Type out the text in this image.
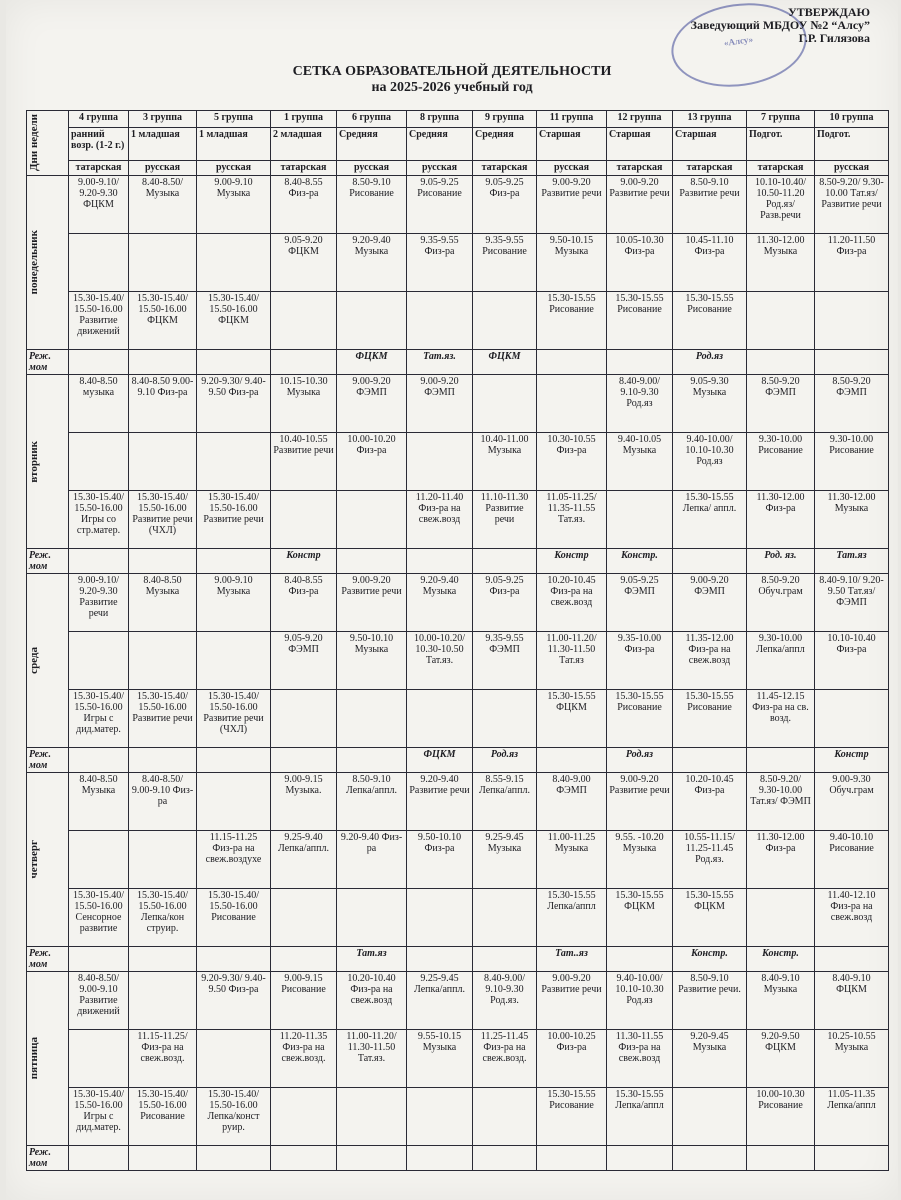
«Алсу»
УТВЕРЖДАЮ
Заведующий МБДОУ №2 “Алсу”
Г.Р. Гилязова
СЕТКА ОБРАЗОВАТЕЛЬНОЙ ДЕЯТЕЛЬНОСТИ
на 2025-2026 учебный год
Дни недели	4 группа	3 группа	5 группа	1 группа	6 группа	8 группа	9 группа	11 группа	12 группа	13 группа	7 группа	10 группа
	ранний возр. (1-2 г.)	1 младшая	1 младшая	2 младшая	Средняя	Средняя	Средняя	Старшая	Старшая	Старшая	Подгот.	Подгот.
	татарская	русская	русская	татарская	русская	русская	татарская	русская	татарская	татарская	татарская	русская

понедельник	9.00-9.10/ 9.20-9.30 ФЦКМ	8.40-8.50/ Музыка	9.00-9.10 Музыка	8.40-8.55 Физ-ра	8.50-9.10 Рисование	9.05-9.25 Рисование	9.05-9.25 Физ-ра	9.00-9.20 Развитие речи	9.00-9.20 Развитие речи	8.50-9.10 Развитие речи	10.10-10.40/ 10.50-11.20 Род.яз/ Разв.речи	8.50-9.20/ 9.30-10.00 Тат.яз/ Развитие речи
				9.05-9.20 ФЦКМ	9.20-9.40 Музыка	9.35-9.55 Физ-ра	9.35-9.55 Рисование	9.50-10.15 Музыка	10.05-10.30 Физ-ра	10.45-11.10 Физ-ра	11.30-12.00 Музыка	11.20-11.50 Физ-ра
	15.30-15.40/ 15.50-16.00 Развитие движений	15.30-15.40/ 15.50-16.00 ФЦКМ	15.30-15.40/ 15.50-16.00 ФЦКМ					15.30-15.55 Рисование	15.30-15.55 Рисование	15.30-15.55 Рисование		
Реж. мом					ФЦКМ	Тат.яз.	ФЦКМ			Род.яз		

вторник	8.40-8.50 музыка	8.40-8.50 9.00-9.10 Физ-ра	9.20-9.30/ 9.40-9.50 Физ-ра	10.15-10.30 Музыка	9.00-9.20 ФЭМП	9.00-9.20 ФЭМП			8.40-9.00/ 9.10-9.30 Род.яз	9.05-9.30 Музыка	8.50-9.20 ФЭМП	8.50-9.20 ФЭМП
				10.40-10.55 Развитие речи	10.00-10.20 Физ-ра		10.40-11.00 Музыка	10.30-10.55 Физ-ра	9.40-10.05 Музыка	9.40-10.00/ 10.10-10.30 Род.яз	9.30-10.00 Рисование	9.30-10.00 Рисование
	15.30-15.40/ 15.50-16.00 Игры со стр.матер.	15.30-15.40/ 15.50-16.00 Развитие речи (ЧХЛ)	15.30-15.40/ 15.50-16.00 Развитие речи			11.20-11.40 Физ-ра на свеж.возд	11.10-11.30 Развитие речи	11.05-11.25/ 11.35-11.55 Тат.яз.		15.30-15.55 Лепка/ аппл.	11.30-12.00 Физ-ра	11.30-12.00 Музыка
Реж. мом				Констр				Констр	Констр.		Род. яз.	Тат.яз

среда	9.00-9.10/ 9.20-9.30 Развитие речи	8.40-8.50 Музыка	9.00-9.10 Музыка	8.40-8.55 Физ-ра	9.00-9.20 Развитие речи	9.20-9.40 Музыка	9.05-9.25 Физ-ра	10.20-10.45 Физ-ра на свеж.возд	9.05-9.25 ФЭМП	9.00-9.20 ФЭМП	8.50-9.20 Обуч.грам	8.40-9.10/ 9.20-9.50 Тат.яз/ ФЭМП
				9.05-9.20 ФЭМП	9.50-10.10 Музыка	10.00-10.20/ 10.30-10.50 Тат.яз.	9.35-9.55 ФЭМП	11.00-11.20/ 11.30-11.50 Тат.яз	9.35-10.00 Физ-ра	11.35-12.00 Физ-ра на свеж.возд	9.30-10.00 Лепка/аппл	10.10-10.40 Физ-ра
	15.30-15.40/ 15.50-16.00 Игры с дид.матер.	15.30-15.40/ 15.50-16.00 Развитие речи	15.30-15.40/ 15.50-16.00 Развитие речи (ЧХЛ)					15.30-15.55 ФЦКМ	15.30-15.55 Рисование	15.30-15.55 Рисование	11.45-12.15 Физ-ра на св. возд.	
Реж. мом						ФЦКМ	Род.яз		Род.яз			Констр

четверг	8.40-8.50 Музыка	8.40-8.50/ 9.00-9.10 Физ-ра		9.00-9.15 Музыка.	8.50-9.10 Лепка/аппл.	9.20-9.40 Развитие речи	8.55-9.15 Лепка/аппл.	8.40-9.00 ФЭМП	9.00-9.20 Развитие речи	10.20-10.45 Физ-ра	8.50-9.20/ 9.30-10.00 Тат.яз/ ФЭМП	9.00-9.30 Обуч.грам
			11.15-11.25 Физ-ра на свеж.воздухе	9.25-9.40 Лепка/аппл.	9.20-9.40 Физ-ра	9.50-10.10 Физ-ра	9.25-9.45 Музыка	11.00-11.25 Музыка	9.55. -10.20 Музыка	10.55-11.15/ 11.25-11.45 Род.яз.	11.30-12.00 Физ-ра	9.40-10.10 Рисование
	15.30-15.40/ 15.50-16.00 Сенсорное развитие	15.30-15.40/ 15.50-16.00 Лепка/кон струир.	15.30-15.40/ 15.50-16.00 Рисование					15.30-15.55 Лепка/аппл	15.30-15.55 ФЦКМ	15.30-15.55 ФЦКМ		11.40-12.10 Физ-ра на свеж.возд
Реж. мом					Тат.яз			Тат..яз		Констр.	Констр.	

пятница	8.40-8.50/ 9.00-9.10 Развитие движений		9.20-9.30/ 9.40-9.50 Физ-ра	9.00-9.15 Рисование	10.20-10.40 Физ-ра на свеж.возд	9.25-9.45 Лепка/аппл.	8.40-9.00/ 9.10-9.30 Род.яз.	9.00-9.20 Развитие речи	9.40-10.00/ 10.10-10.30 Род.яз	8.50-9.10 Развитие речи.	8.40-9.10 Музыка	8.40-9.10 ФЦКМ
		11.15-11.25/ Физ-ра на свеж.возд.		11.20-11.35 Физ-ра на свеж.возд.	11.00-11.20/ 11.30-11.50 Тат.яз.	9.55-10.15 Музыка	11.25-11.45 Физ-ра на свеж.возд.	10.00-10.25 Физ-ра	11.30-11.55 Физ-ра на свеж.возд	9.20-9.45 Музыка	9.20-9.50 ФЦКМ	10.25-10.55 Музыка
	15.30-15.40/ 15.50-16.00 Игры с дид.матер.	15.30-15.40/ 15.50-16.00 Рисование	15.30-15.40/ 15.50-16.00 Лепка/конст руир.					15.30-15.55 Рисование	15.30-15.55 Лепка/аппл		10.00-10.30 Рисование	11.05-11.35 Лепка/аппл
Реж. мом												
